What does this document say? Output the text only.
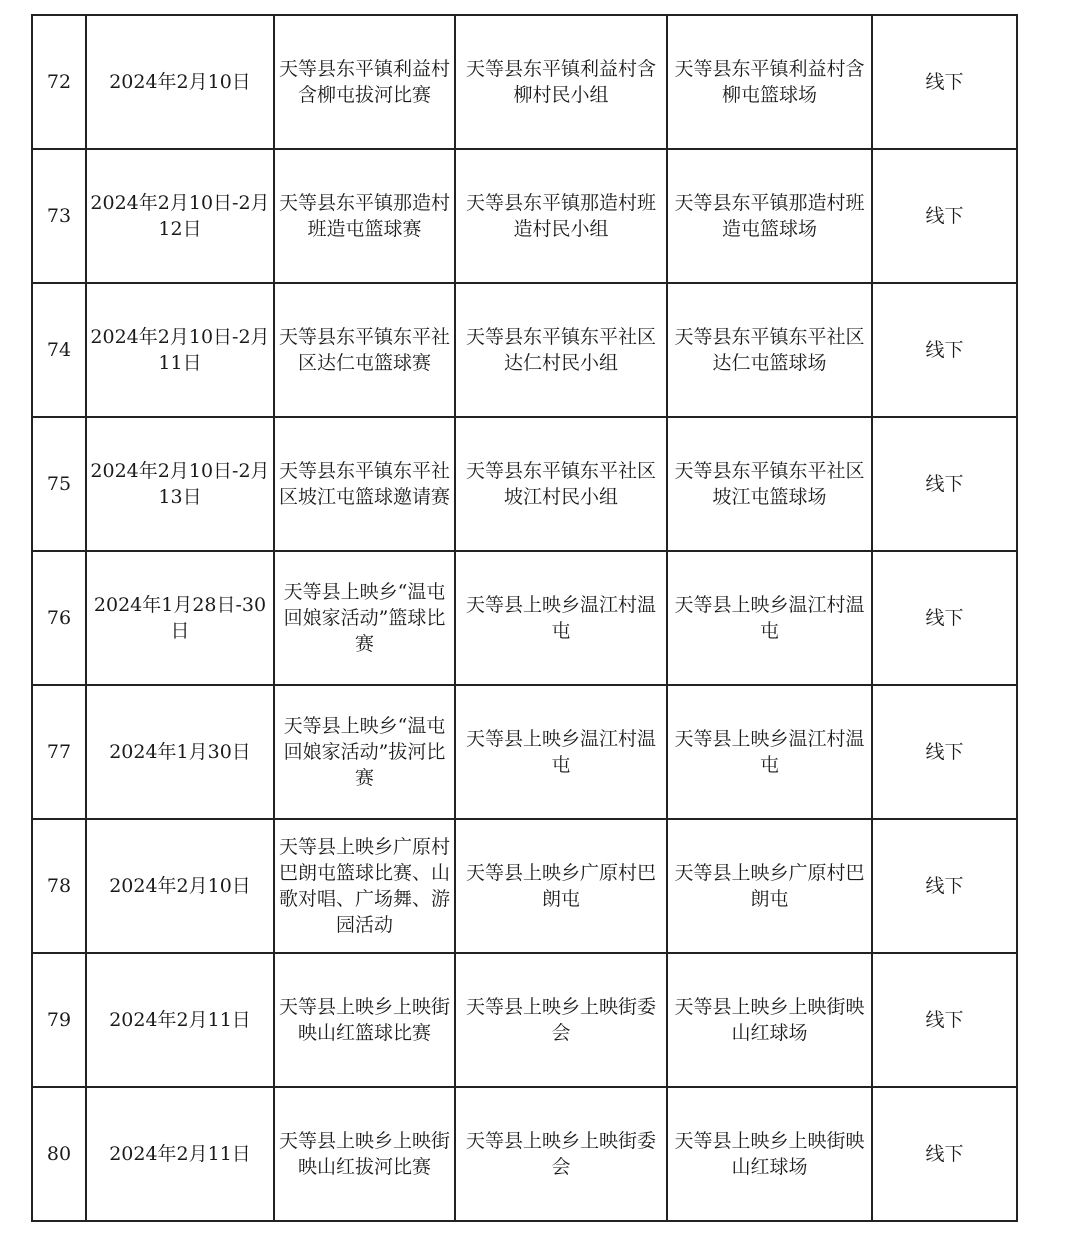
72	2024年2月10日	天等县东平镇利益村含柳屯拔河比赛	天等县东平镇利益村含柳村民小组	天等县东平镇利益村含柳屯篮球场	线下
73	2024年2月10日-2月12日	天等县东平镇那造村班造屯篮球赛	天等县东平镇那造村班造村民小组	天等县东平镇那造村班造屯篮球场	线下
74	2024年2月10日-2月11日	天等县东平镇东平社区达仁屯篮球赛	天等县东平镇东平社区达仁村民小组	天等县东平镇东平社区达仁屯篮球场	线下
75	2024年2月10日-2月13日	天等县东平镇东平社区坡江屯篮球邀请赛	天等县东平镇东平社区坡江村民小组	天等县东平镇东平社区坡江屯篮球场	线下
76	2024年1月28日-30日	天等县上映乡“温屯回娘家活动”篮球比赛	天等县上映乡温江村温屯	天等县上映乡温江村温屯	线下
77	2024年1月30日	天等县上映乡“温屯回娘家活动”拔河比赛	天等县上映乡温江村温屯	天等县上映乡温江村温屯	线下
78	2024年2月10日	天等县上映乡广原村巴朗屯篮球比赛、山歌对唱、广场舞、游园活动	天等县上映乡广原村巴朗屯	天等县上映乡广原村巴朗屯	线下
79	2024年2月11日	天等县上映乡上映街映山红篮球比赛	天等县上映乡上映街委会	天等县上映乡上映街映山红球场	线下
80	2024年2月11日	天等县上映乡上映街映山红拔河比赛	天等县上映乡上映街委会	天等县上映乡上映街映山红球场	线下
